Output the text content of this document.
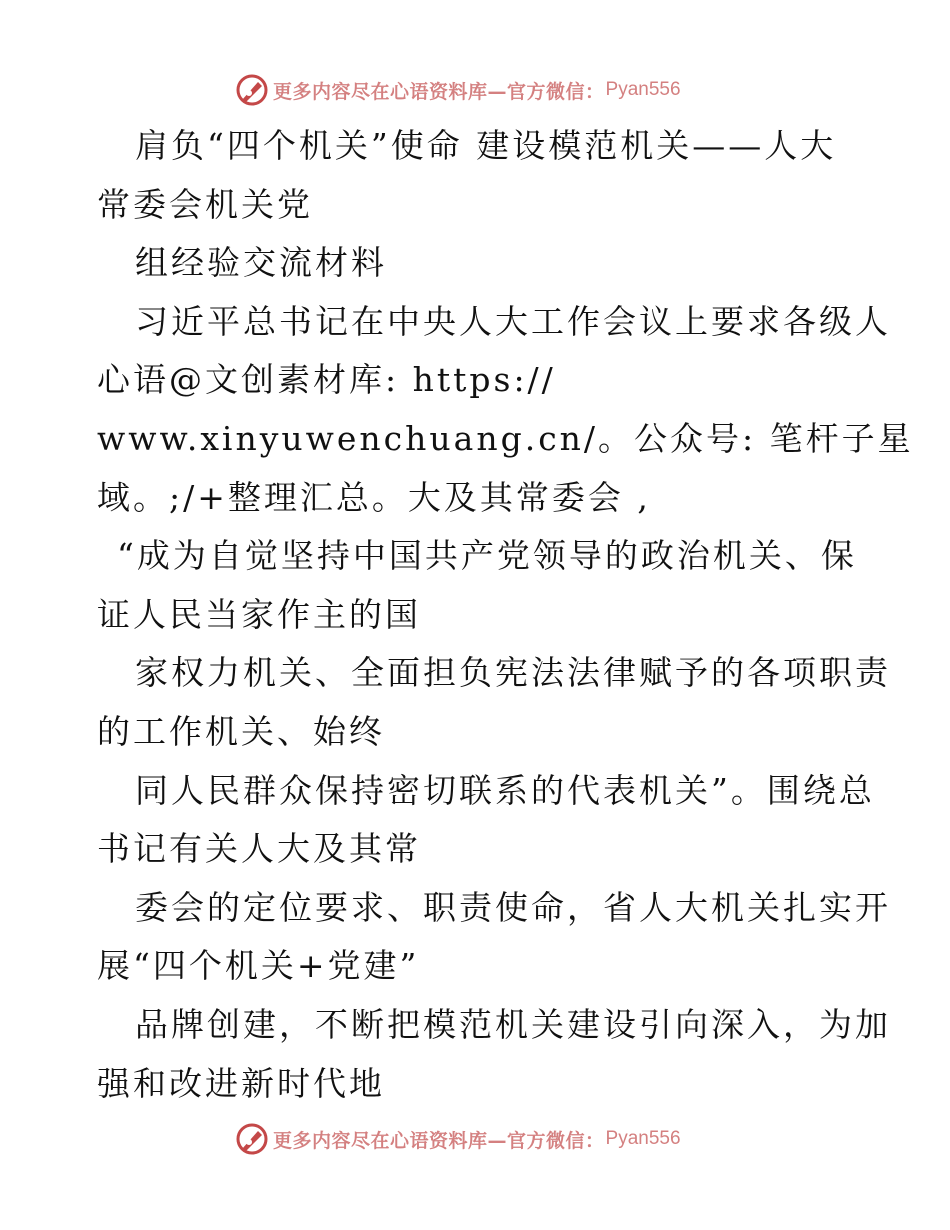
更多内容尽在心语资料库—官方微信： Pyan556
肩负“四个机关”使命 建设模范机关——人大
常委会机关党
组经验交流材料
习近平总书记在中央人大工作会议上要求各级人
心语@文创素材库: https://
www.xinyuwenchuang.cn/。公众号: 笔杆子星
域。;/+整理汇总。大及其常委会 ,
“成为自觉坚持中国共产党领导的政治机关、保
证人民当家作主的国
家权力机关、全面担负宪法法律赋予的各项职责
的工作机关、始终
同人民群众保持密切联系的代表机关”。围绕总
书记有关人大及其常
委会的定位要求、职责使命，省人大机关扎实开
展“四个机关+党建”
品牌创建，不断把模范机关建设引向深入，为加
强和改进新时代地
更多内容尽在心语资料库—官方微信： Pyan556
